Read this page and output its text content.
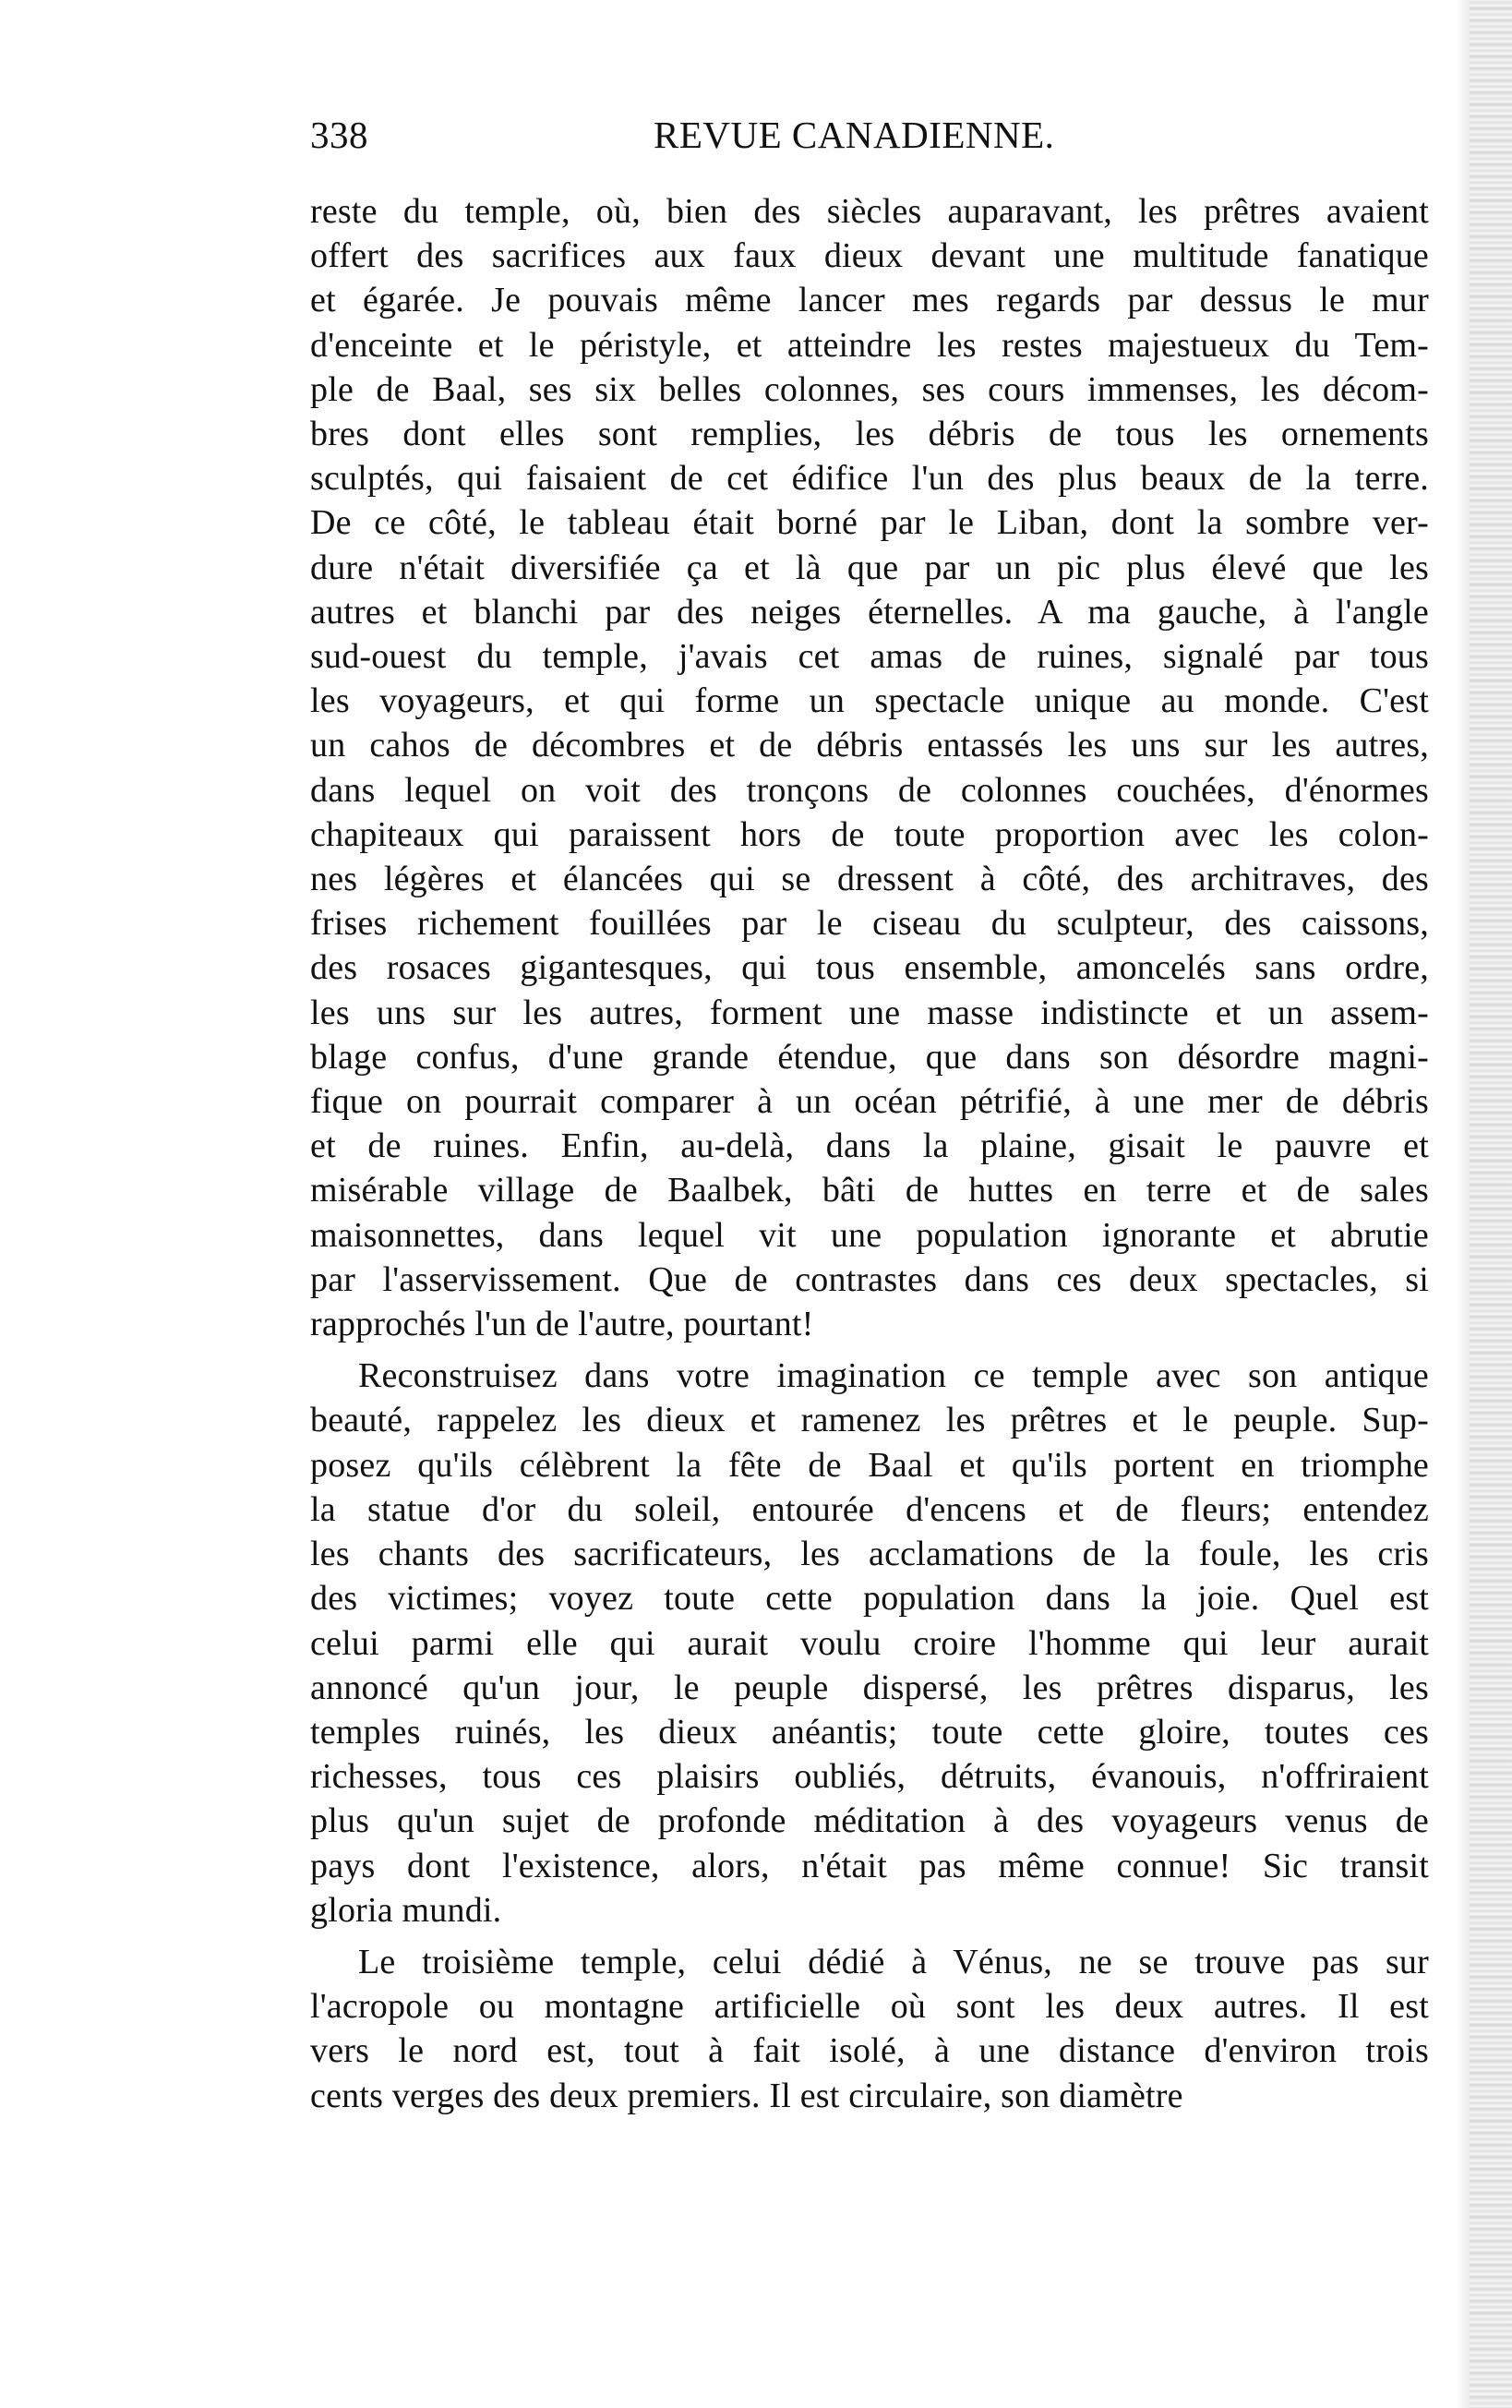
338	REVUE CANADIENNE.
reste du temple, où, bien des siècles auparavant, les prêtres avaient
offert des sacrifices aux faux dieux devant une multitude fanatique
et égarée. Je pouvais même lancer mes regards par dessus le mur
d'enceinte et le péristyle, et atteindre les restes majestueux du Tem-
ple de Baal, ses six belles colonnes, ses cours immenses, les décom-
bres dont elles sont remplies, les débris de tous les ornements
sculptés, qui faisaient de cet édifice l'un des plus beaux de la terre.
De ce côté, le tableau était borné par le Liban, dont la sombre ver-
dure n'était diversifiée ça et là que par un pic plus élevé que les
autres et blanchi par des neiges éternelles. A ma gauche, à l'angle
sud-ouest du temple, j'avais cet amas de ruines, signalé par tous
les voyageurs, et qui forme un spectacle unique au monde. C'est
un cahos de décombres et de débris entassés les uns sur les autres,
dans lequel on voit des tronçons de colonnes couchées, d'énormes
chapiteaux qui paraissent hors de toute proportion avec les colon-
nes légères et élancées qui se dressent à côté, des architraves, des
frises richement fouillées par le ciseau du sculpteur, des caissons,
des rosaces gigantesques, qui tous ensemble, amoncelés sans ordre,
les uns sur les autres, forment une masse indistincte et un assem-
blage confus, d'une grande étendue, que dans son désordre magni-
fique on pourrait comparer à un océan pétrifié, à une mer de débris
et de ruines. Enfin, au-delà, dans la plaine, gisait le pauvre et
misérable village de Baalbek, bâti de huttes en terre et de sales
maisonnettes, dans lequel vit une population ignorante et abrutie
par l'asservissement. Que de contrastes dans ces deux spectacles, si
rapprochés l'un de l'autre, pourtant!
Reconstruisez dans votre imagination ce temple avec son antique
beauté, rappelez les dieux et ramenez les prêtres et le peuple. Sup-
posez qu'ils célèbrent la fête de Baal et qu'ils portent en triomphe
la statue d'or du soleil, entourée d'encens et de fleurs; entendez
les chants des sacrificateurs, les acclamations de la foule, les cris
des victimes; voyez toute cette population dans la joie. Quel est
celui parmi elle qui aurait voulu croire l'homme qui leur aurait
annoncé qu'un jour, le peuple dispersé, les prêtres disparus, les
temples ruinés, les dieux anéantis; toute cette gloire, toutes ces
richesses, tous ces plaisirs oubliés, détruits, évanouis, n'offriraient
plus qu'un sujet de profonde méditation à des voyageurs venus de
pays dont l'existence, alors, n'était pas même connue! Sic transit
gloria mundi.
Le troisième temple, celui dédié à Vénus, ne se trouve pas sur
l'acropole ou montagne artificielle où sont les deux autres. Il est
vers le nord est, tout à fait isolé, à une distance d'environ trois
cents verges des deux premiers. Il est circulaire, son diamètre
